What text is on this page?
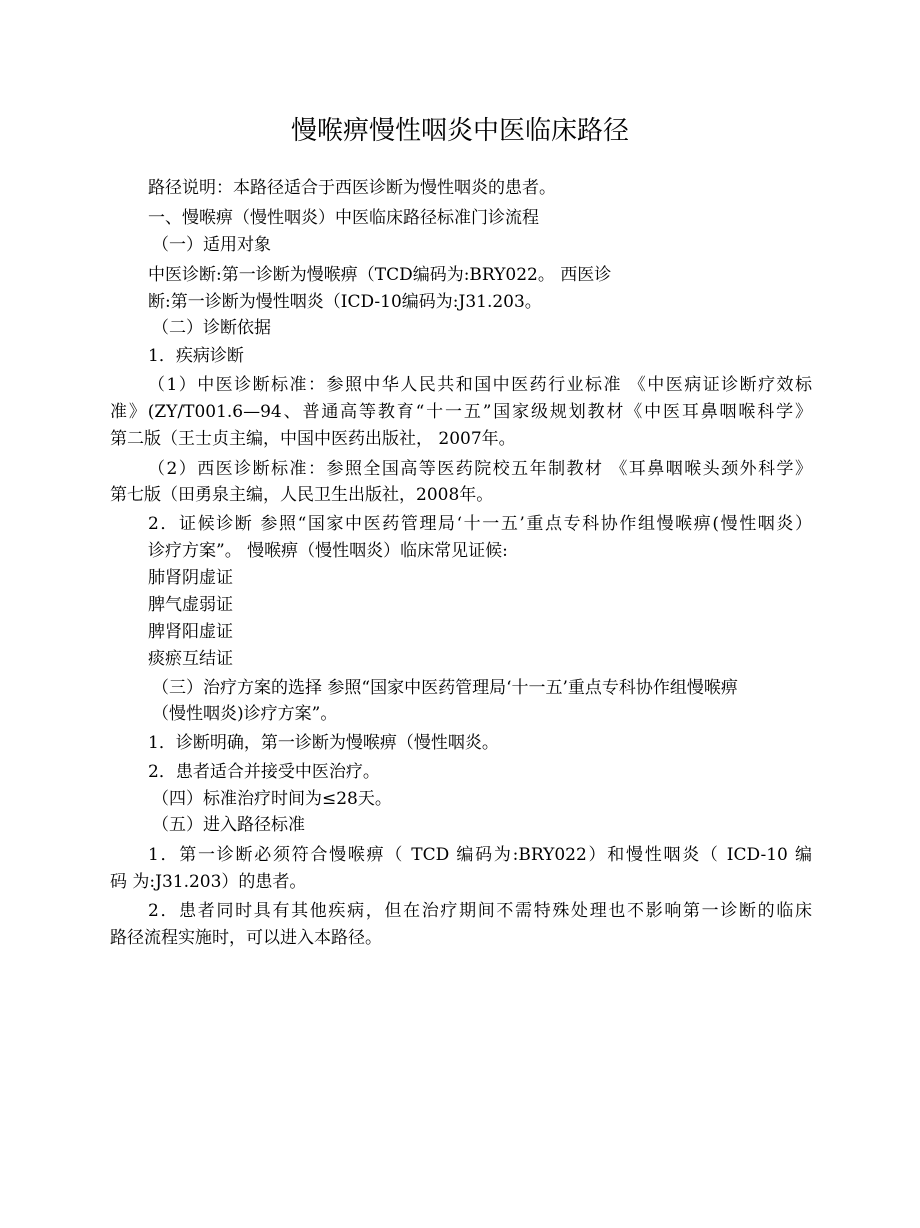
慢喉痹慢性咽炎中医临床路径
路径说明：本路径适合于西医诊断为慢性咽炎的患者。
一、慢喉痹（慢性咽炎）中医临床路径标准门诊流程
（一）适用对象
中医诊断:第一诊断为慢喉痹（TCD编码为:BRY022。 西医诊
断:第一诊断为慢性咽炎（ICD-10编码为:J31.203。
（二）诊断依据
1．疾病诊断
（1）中医诊断标准：参照中华人民共和国中医药行业标准 《中医病证诊断疗效标
准》(ZY/T001.6—94、普通高等教育“十一五”国家级规划教材《中医耳鼻咽喉科学》
第二版（王士贞主编，中国中医药出版社， 2007年。
（2）西医诊断标准：参照全国高等医药院校五年制教材 《耳鼻咽喉头颈外科学》
第七版（田勇泉主编，人民卫生出版社，2008年。
2．证候诊断 参照“国家中医药管理局‘十一五’重点专科协作组慢喉痹(慢性咽炎）
诊疗方案”。 慢喉痹（慢性咽炎）临床常见证候:
肺肾阴虚证
脾气虚弱证
脾肾阳虚证
痰瘀互结证
（三）治疗方案的选择 参照“国家中医药管理局‘十一五’重点专科协作组慢喉痹
（慢性咽炎)诊疗方案”。
1．诊断明确，第一诊断为慢喉痹（慢性咽炎。
2．患者适合并接受中医治疗。
（四）标准治疗时间为≤28天。
（五）进入路径标准
1．第一诊断必须符合慢喉痹（ TCD 编码为:BRY022）和慢性咽炎（ ICD-10 编
码 为:J31.203）的患者。
2．患者同时具有其他疾病，但在治疗期间不需特殊处理也不影响第一诊断的临床
路径流程实施时，可以进入本路径。
